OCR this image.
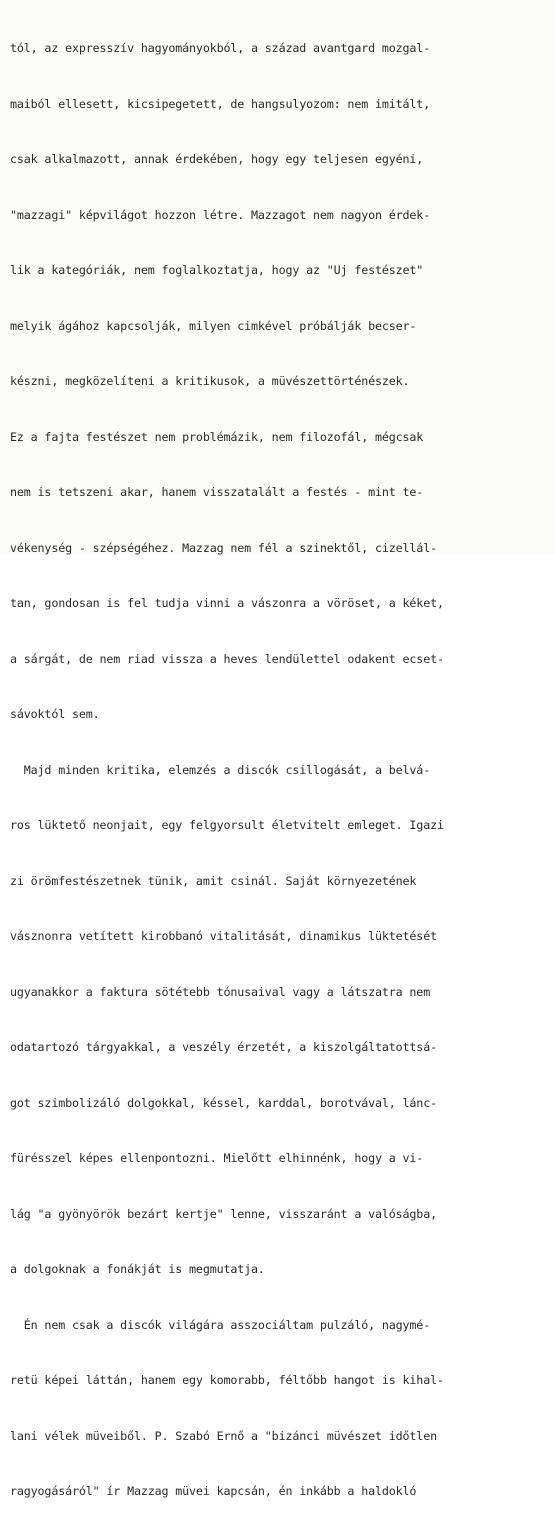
tól, az expresszív hagyományokból, a század avantgard mozgal-

maiból ellesett, kicsipegetett, de hangsulyozom: nem imitált,

csak alkalmazott, annak érdekében, hogy egy teljesen egyéni,

"mazzagi" képvilágot hozzon létre. Mazzagot nem nagyon érdek-

lik a kategóriák, nem foglalkoztatja, hogy az "Uj festészet"

melyik ágához kapcsolják, milyen cimkével próbálják becser-

készni, megközelíteni a kritikusok, a müvészettörténészek.

Ez a fajta festészet nem problémázik, nem filozofál, mégcsak

nem is tetszeni akar, hanem visszatalált a festés - mint te-

vékenység - szépségéhez. Mazzag nem fél a szinektől, cizellál-

tan, gondosan is fel tudja vinni a vászonra a vöröset, a kéket,

a sárgát, de nem riad vissza a heves lendülettel odakent ecset-

sávoktól sem.

Majd minden kritika, elemzés a discók csillogását, a belvá-

ros lüktető neonjait, egy felgyorsult életvitelt emleget. Igazi

zi örömfestészetnek tünik, amit csinál. Saját környezetének

vásznonra vetített kirobbanó vitalitását, dinamikus lüktetését

ugyanakkor a faktura sötétebb tónusaival vagy a látszatra nem

odatartozó tárgyakkal, a veszély érzetét, a kiszolgáltatottsá-

got szimbolizáló dolgokkal, késsel, karddal, borotvával, lánc-

fürésszel képes ellenpontozni. Mielőtt elhinnénk, hogy a vi-

lág "a gyönyörök bezárt kertje" lenne, visszaránt a valóságba,

a dolgoknak a fonákját is megmutatja.

Én nem csak a discók világára asszociáltam pulzáló, nagymé-

retü képei láttán, hanem egy komorabb, féltőbb hangot is kihal-

lani vélek müveiből. P. Szabó Ernő a "bizánci müvészet időtlen

ragyogásáról" ír Mazzag müvei kapcsán, én inkább a haldokló
